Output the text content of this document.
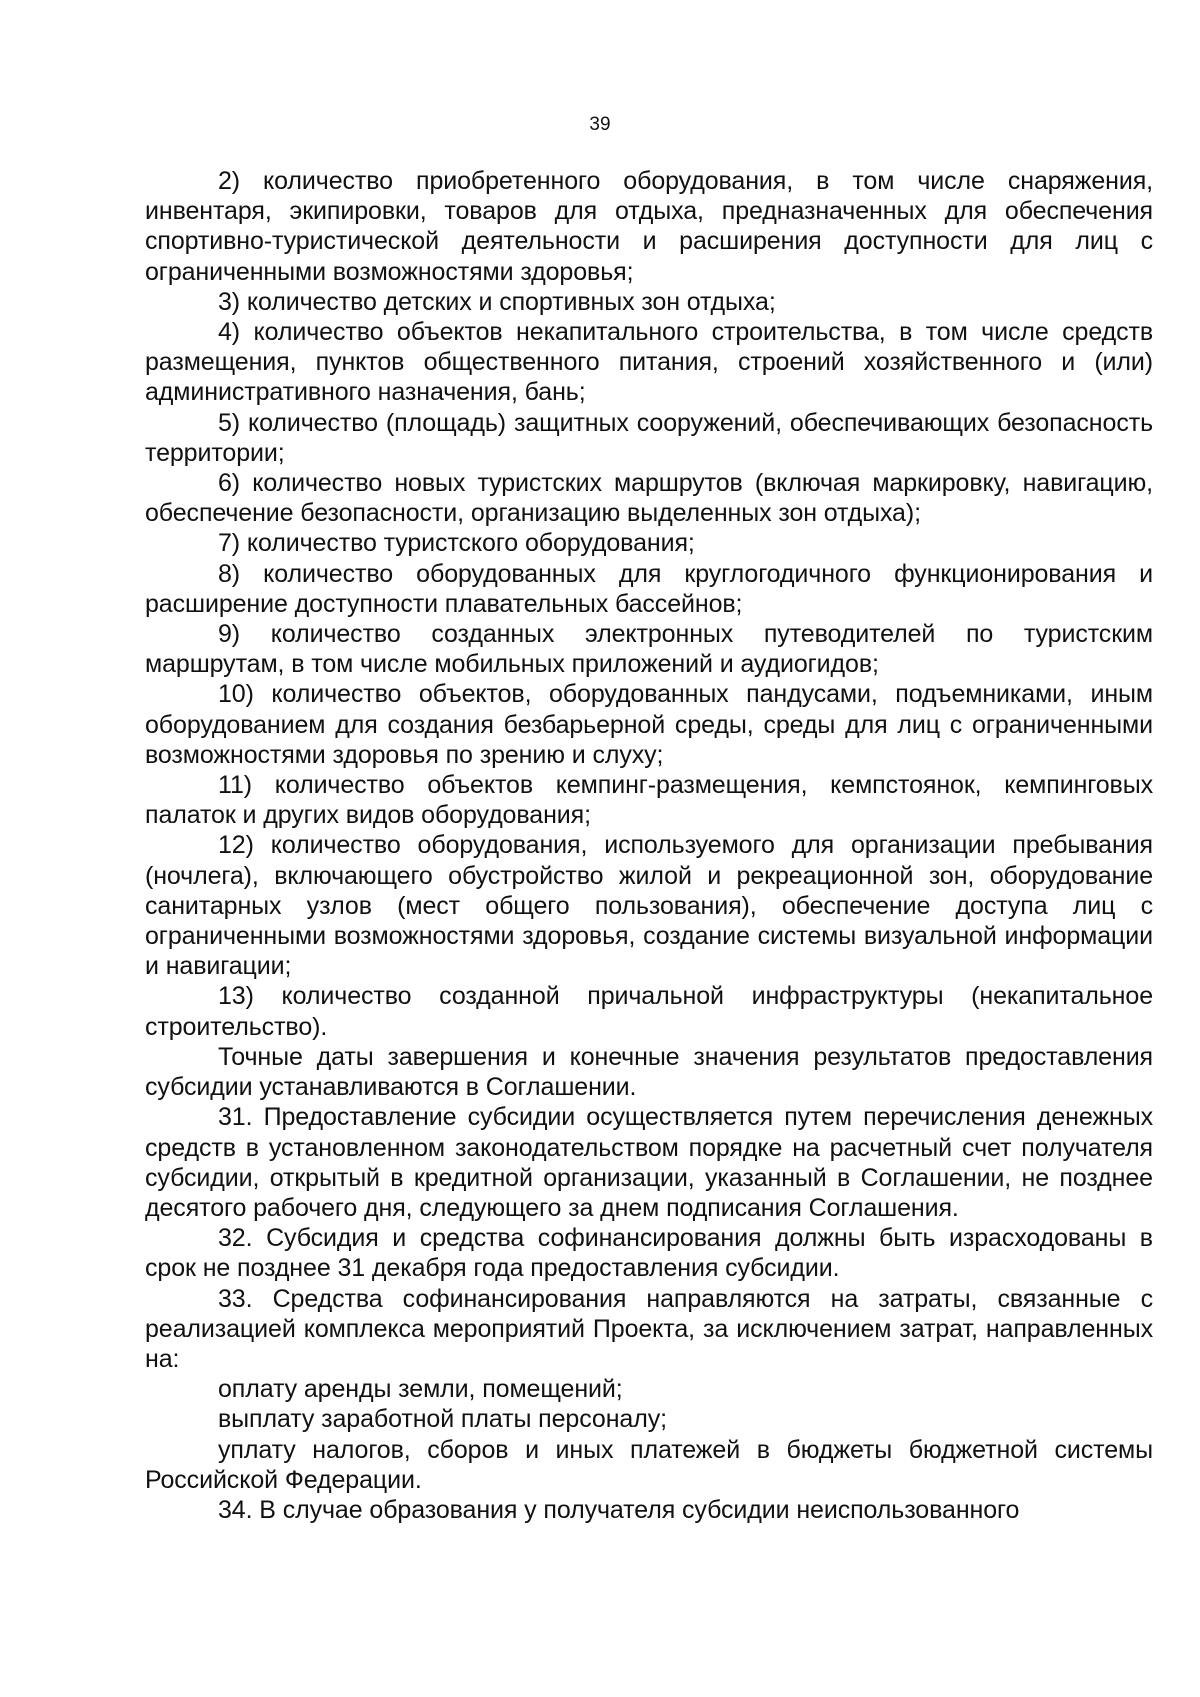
39

2) количество приобретенного оборудования, в том числе снаряжения, инвентаря, экипировки, товаров для отдыха, предназначенных для обеспечения спортивно-туристической деятельности и расширения доступности для лиц с ограниченными возможностями здоровья;

3) количество детских и спортивных зон отдыха;

4) количество объектов некапитального строительства, в том числе средств размещения, пунктов общественного питания, строений хозяйственного и (или) административного назначения, бань;

5) количество (площадь) защитных сооружений, обеспечивающих безопасность территории;

6) количество новых туристских маршрутов (включая маркировку, навигацию, обеспечение безопасности, организацию выделенных зон отдыха);

7) количество туристского оборудования;

8) количество оборудованных для круглогодичного функционирования и расширение доступности плавательных бассейнов;

9) количество созданных электронных путеводителей по туристским маршрутам, в том числе мобильных приложений и аудиогидов;

10) количество объектов, оборудованных пандусами, подъемниками, иным оборудованием для создания безбарьерной среды, среды для лиц с ограниченными возможностями здоровья по зрению и слуху;

11) количество объектов кемпинг-размещения, кемпстоянок, кемпинговых палаток и других видов оборудования;

12) количество оборудования, используемого для организации пребывания (ночлега), включающего обустройство жилой и рекреационной зон, оборудование санитарных узлов (мест общего пользования), обеспечение доступа лиц с ограниченными возможностями здоровья, создание системы визуальной информации и навигации;

13) количество созданной причальной инфраструктуры (некапитальное строительство).

Точные даты завершения и конечные значения результатов предоставления субсидии устанавливаются в Соглашении.

31. Предоставление субсидии осуществляется путем перечисления денежных средств в установленном законодательством порядке на расчетный счет получателя субсидии, открытый в кредитной организации, указанный в Соглашении, не позднее десятого рабочего дня, следующего за днем подписания Соглашения.

32. Субсидия и средства софинансирования должны быть израсходованы в срок не позднее 31 декабря года предоставления субсидии.

33. Средства софинансирования направляются на затраты, связанные с реализацией комплекса мероприятий Проекта, за исключением затрат, направленных на:

оплату аренды земли, помещений;

выплату заработной платы персоналу;

уплату налогов, сборов и иных платежей в бюджеты бюджетной системы Российской Федерации.

34. В случае образования у получателя субсидии неиспользованного
